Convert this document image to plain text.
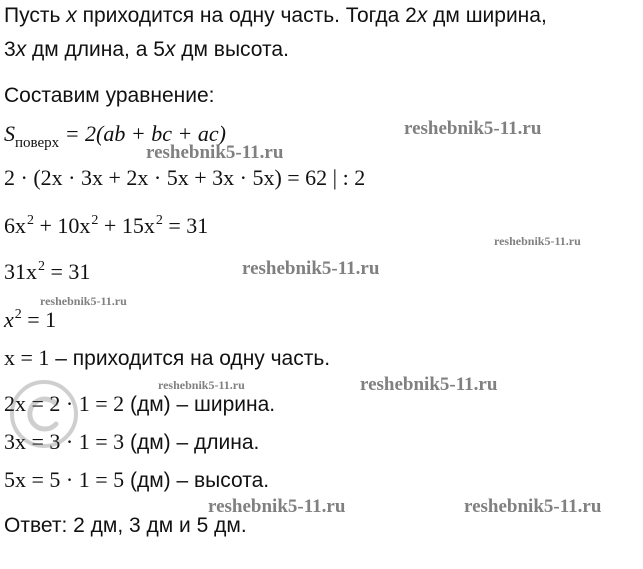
Пусть x приходится на одну часть. Тогда 2x дм ширина,
3x дм длина, а 5x дм высота.
Составим уравнение:
$S_{поверх} = 2(ab$ + bc + ac)
2 · (2x · 3x + 2x · 5x + 3x · 5x) = 62 | : 2
$6x^2 + 10x^2 + 15x^2 = 31$
$31x^2 = 31$
$x^2 = 1$
x = 1 – приходится на одну часть.
2x = 2 · 1 = 2 (дм) – ширина.
3x = 3 · 1 = 3 (дм) – длина.
5x = 5 · 1 = 5 (дм) – высота.
Ответ: 2 дм, 3 дм и 5 дм.
reshebnik5-11.ru
reshebnik5-11.ru
reshebnik5-11.ru
reshebnik5-11.ru
reshebnik5-11.ru
reshebnik5-11.ru	reshebnik5-11.ru
reshebnik5-11.ru	reshebnik5-11.ru
